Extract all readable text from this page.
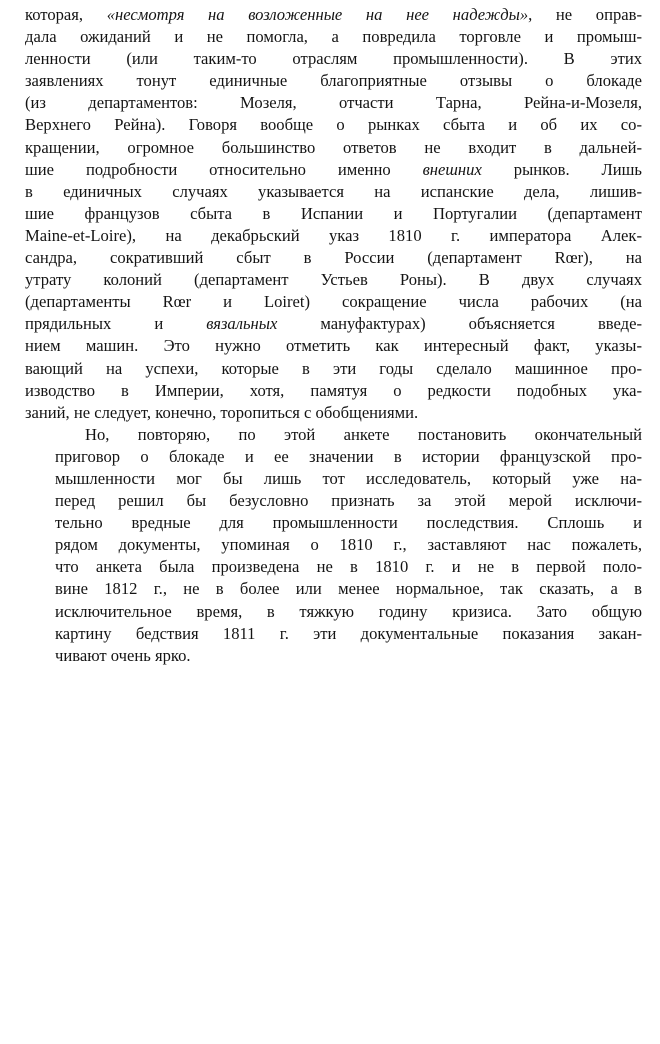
которая, «несмотря на возложенные на нее надежды», не оправ-
дала ожиданий и не помогла, а повредила торговле и промыш-
ленности (или таким-то отраслям промышленности). В этих
заявлениях тонут единичные благоприятные отзывы о блокаде
(из департаментов: Мозеля, отчасти Тарна, Рейна-и-Мозеля,
Верхнего Рейна). Говоря вообще о рынках сбыта и об их со-
кращении, огромное большинство ответов не входит в дальней-
шие подробности относительно именно внешних рынков. Лишь
в единичных случаях указывается на испанские дела, лишив-
шие французов сбыта в Испании и Португалии (департамент
Maine-et-Loire), на декабрьский указ 1810 г. императора Алек-
сандра, сокративший сбыт в России (департамент Rœr), на
утрату колоний (департамент Устьев Роны). В двух случаях
(департаменты Rœr и Loiret) сокращение числа рабочих (на
прядильных и вязальных мануфактурах) объясняется введе-
нием машин. Это нужно отметить как интересный факт, указы-
вающий на успехи, которые в эти годы сделало машинное про-
изводство в Империи, хотя, памятуя о редкости подобных ука-
заний, не следует, конечно, торопиться с обобщениями.
Но, повторяю, по этой анкете постановить окончательный
приговор о блокаде и ее значении в истории французской про-
мышленности мог бы лишь тот исследователь, который уже на-
перед решил бы безусловно признать за этой мерой исключи-
тельно вредные для промышленности последствия. Сплошь и
рядом документы, упоминая о 1810 г., заставляют нас пожалеть,
что анкета была произведена не в 1810 г. и не в первой поло-
вине 1812 г., не в более или менее нормальное, так сказать, а в
исключительное время, в тяжкую годину кризиса. Зато общую
картину бедствия 1811 г. эти документальные показания закан-
чивают очень ярко.
